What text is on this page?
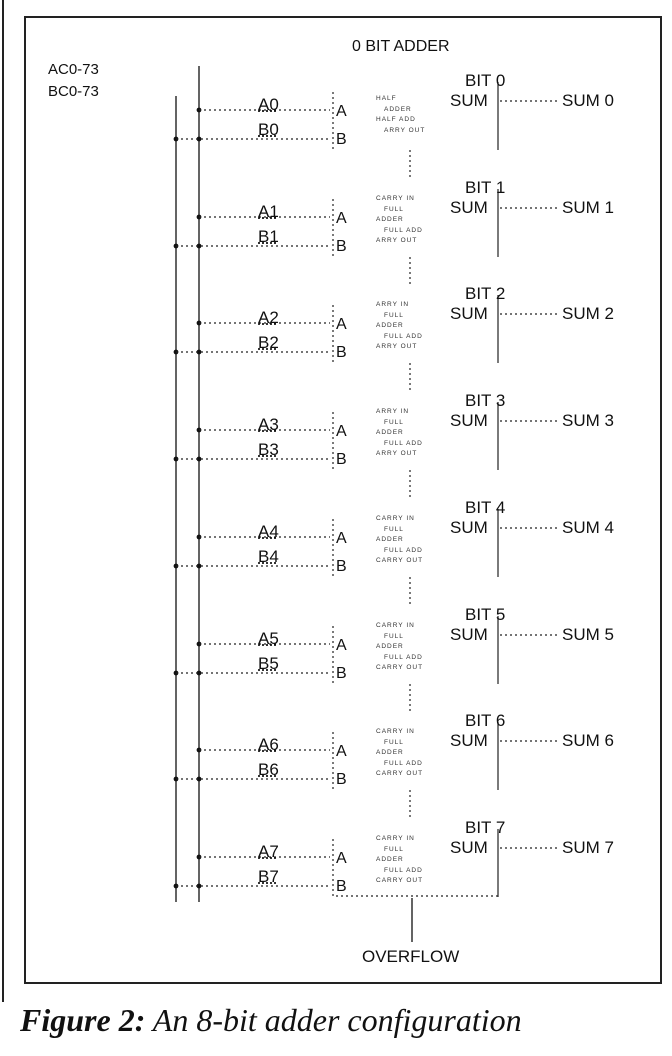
0 BIT ADDER
AC0-73
BC0-73
BIT 0
A0
B0
A
B
SUM	SUM 0
HALF
ADDER
HALF ADD
ARRY OUT
BIT 1
A1
B1
A
B
SUM	SUM 1
CARRY IN
FULL
ADDER
FULL ADD
ARRY OUT
BIT 2
A2
B2
A
B
SUM	SUM 2
ARRY IN
FULL
ADDER
FULL ADD
ARRY OUT
BIT 3
A3
B3
A
B
SUM	SUM 3
ARRY IN
FULL
ADDER
FULL ADD
ARRY OUT
BIT 4
A4
B4
A
B
SUM	SUM 4
CARRY IN
FULL
ADDER
FULL ADD
CARRY OUT
BIT 5
A5
B5
A
B
SUM	SUM 5
CARRY IN
FULL
ADDER
FULL ADD
CARRY OUT
BIT 6
A6
B6
A
B
SUM	SUM 6
CARRY IN
FULL
ADDER
FULL ADD
CARRY OUT
BIT 7
A7
B7
A
B
SUM	SUM 7
CARRY IN
FULL
ADDER
FULL ADD
CARRY OUT
OVERFLOW
Figure 2: An 8-bit adder configuration
